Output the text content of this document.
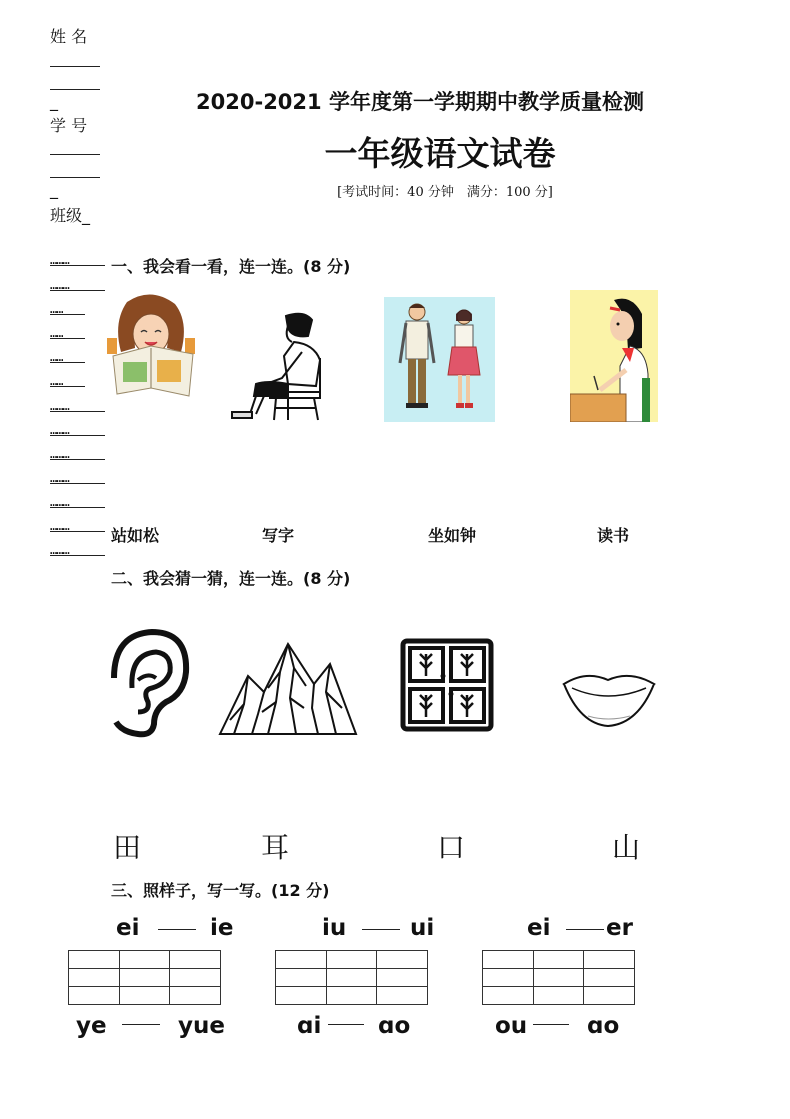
姓 名
_
学 号
_
班级_
………
………
……
……
……
……
………
………
………
………
………
………
………
2020-2021 学年度第一学期期中教学质量检测
一年级语文试卷
[考试时间：40 分钟　满分：100 分]
一、我会看一看，连一连。(8 分)
站如松	写字	坐如钟	读书
二、我会猜一猜，连一连。(8 分)
田	耳	口	山
三、照样子，写一写。(12 分)
ei	ie	iu	ui	ei er

ye	yue	ɑi ɑo	ou	ɑo
